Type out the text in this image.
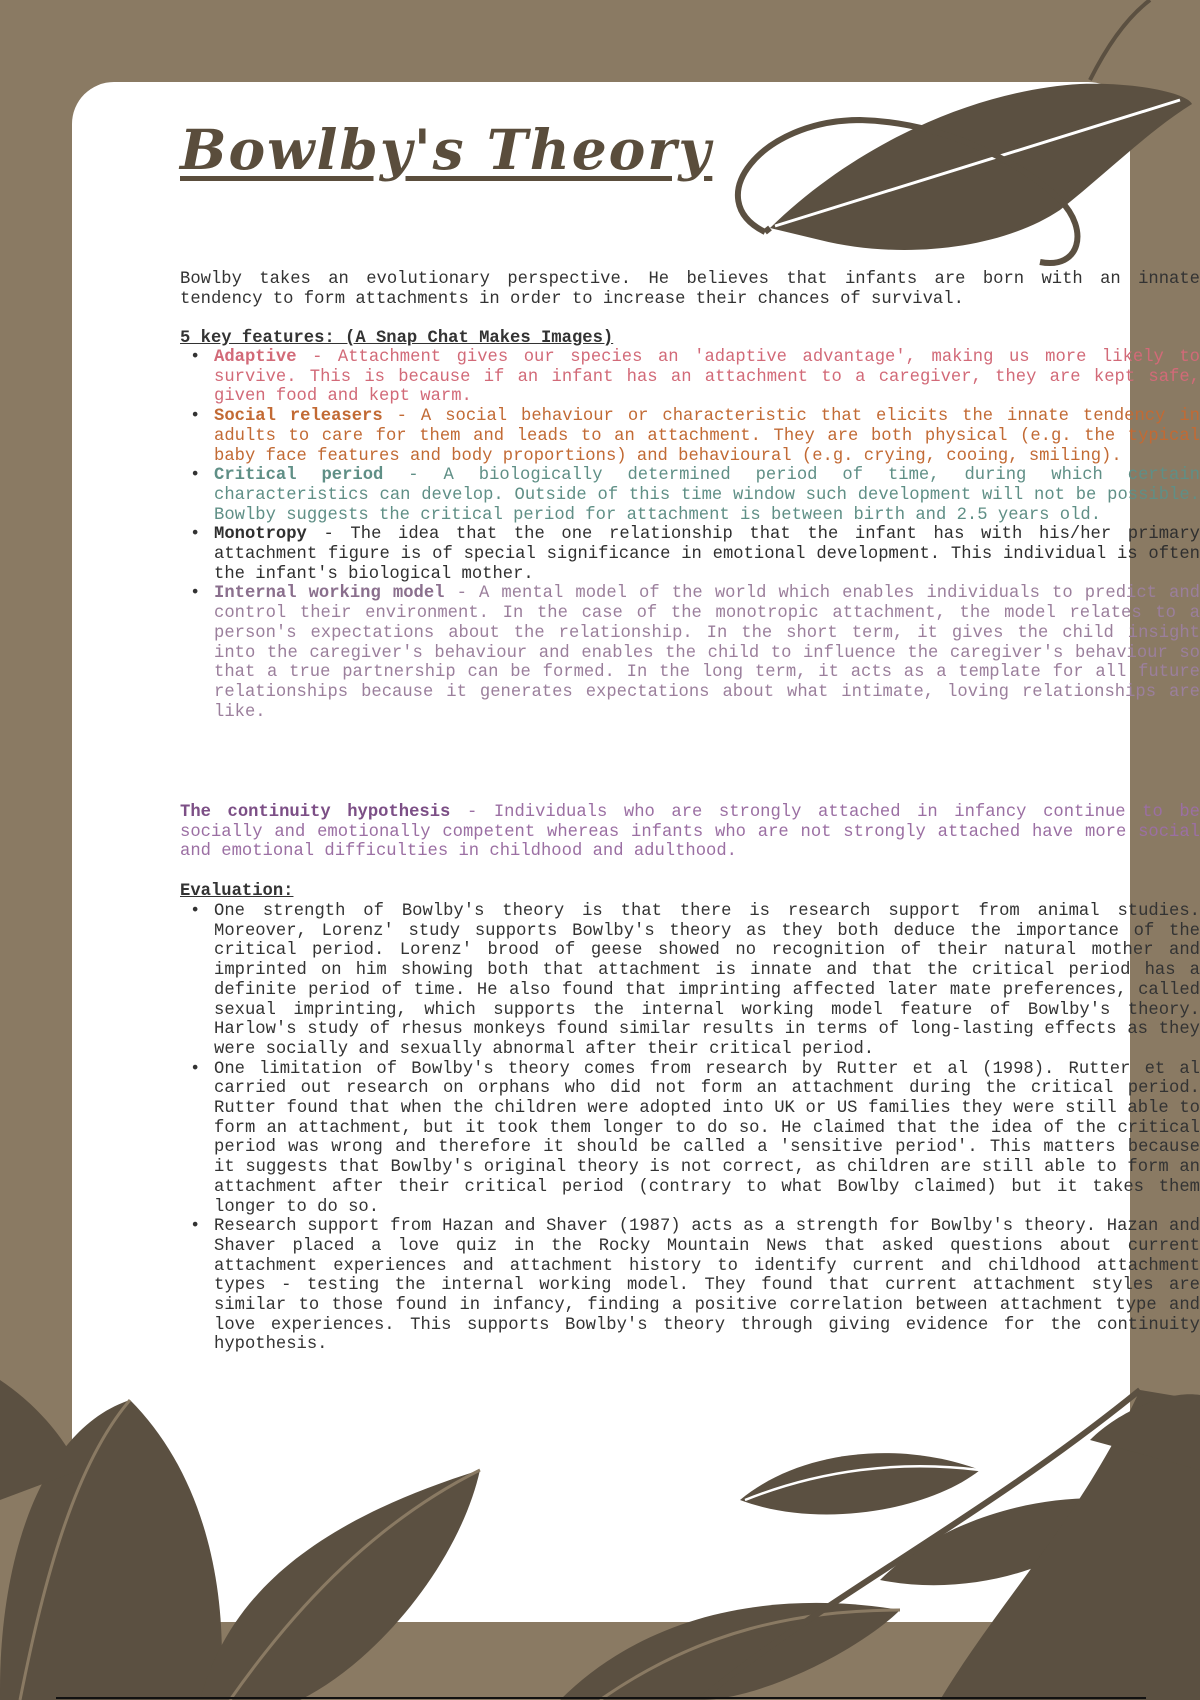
Bowlby's Theory
Bowlby takes an evolutionary perspective. He believes that infants are born with an innate tendency to form attachments in order to increase their chances of survival.
5 key features: (A Snap Chat Makes Images)
• Adaptive - Attachment gives our species an 'adaptive advantage', making us more likely to survive. This is because if an infant has an attachment to a caregiver, they are kept safe, given food and kept warm.
• Social releasers - A social behaviour or characteristic that elicits the innate tendency in adults to care for them and leads to an attachment. They are both physical (e.g. the typical baby face features and body proportions) and behavioural (e.g. crying, cooing, smiling).
• Critical period - A biologically determined period of time, during which certain characteristics can develop. Outside of this time window such development will not be possible. Bowlby suggests the critical period for attachment is between birth and 2.5 years old.
• Monotropy - The idea that the one relationship that the infant has with his/her primary attachment figure is of special significance in emotional development. This individual is often the infant's biological mother.
• Internal working model - A mental model of the world which enables individuals to predict and control their environment. In the case of the monotropic attachment, the model relates to a person's expectations about the relationship. In the short term, it gives the child insight into the caregiver's behaviour and enables the child to influence the caregiver's behaviour so that a true partnership can be formed. In the long term, it acts as a template for all future relationships because it generates expectations about what intimate, loving relationships are like.
The continuity hypothesis - Individuals who are strongly attached in infancy continue to be socially and emotionally competent whereas infants who are not strongly attached have more social and emotional difficulties in childhood and adulthood.
Evaluation:
• One strength of Bowlby's theory is that there is research support from animal studies. Moreover, Lorenz' study supports Bowlby's theory as they both deduce the importance of the critical period. Lorenz' brood of geese showed no recognition of their natural mother and imprinted on him showing both that attachment is innate and that the critical period has a definite period of time. He also found that imprinting affected later mate preferences, called sexual imprinting, which supports the internal working model feature of Bowlby's theory. Harlow's study of rhesus monkeys found similar results in terms of long-lasting effects as they were socially and sexually abnormal after their critical period.
• One limitation of Bowlby's theory comes from research by Rutter et al (1998). Rutter et al carried out research on orphans who did not form an attachment during the critical period. Rutter found that when the children were adopted into UK or US families they were still able to form an attachment, but it took them longer to do so. He claimed that the idea of the critical period was wrong and therefore it should be called a 'sensitive period'. This matters because it suggests that Bowlby's original theory is not correct, as children are still able to form an attachment after their critical period (contrary to what Bowlby claimed) but it takes them longer to do so.
• Research support from Hazan and Shaver (1987) acts as a strength for Bowlby's theory. Hazan and Shaver placed a love quiz in the Rocky Mountain News that asked questions about current attachment experiences and attachment history to identify current and childhood attachment types - testing the internal working model. They found that current attachment styles are similar to those found in infancy, finding a positive correlation between attachment type and love experiences. This supports Bowlby's theory through giving evidence for the continuity hypothesis.
